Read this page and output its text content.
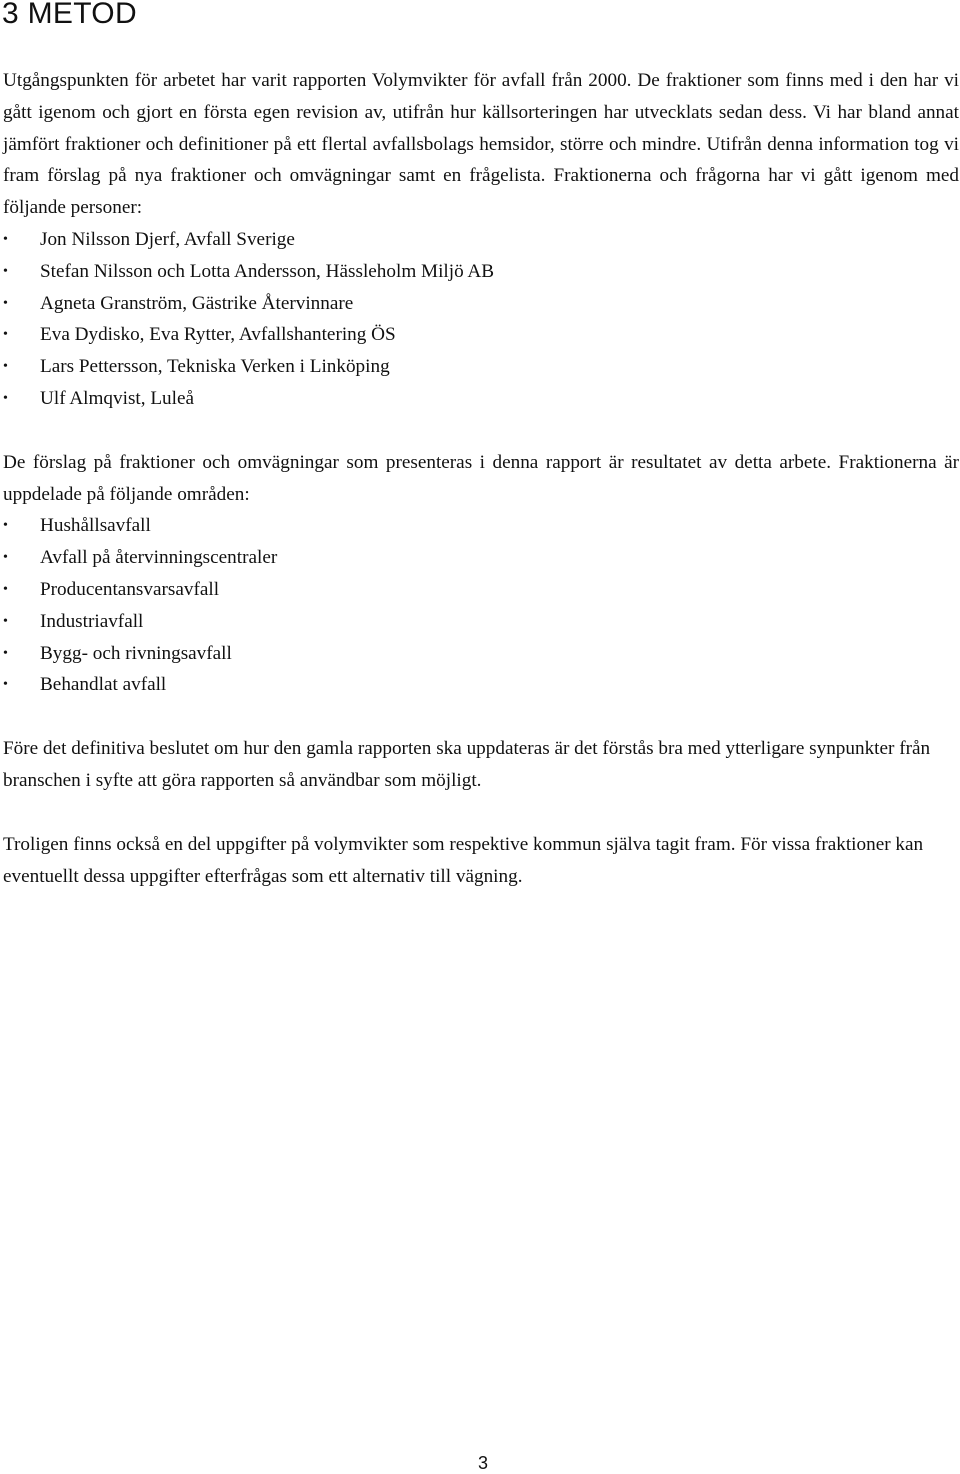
3 METOD

Utgångspunkten för arbetet har varit rapporten Volymvikter för avfall från 2000. De fraktioner som finns med i den har vi gått igenom och gjort en första egen revision av, utifrån hur källsorteringen har utvecklats sedan dess. Vi har bland annat jämfört fraktioner och definitioner på ett flertal avfallsbolags hemsidor, större och mindre. Utifrån denna information tog vi fram förslag på nya fraktioner och omvägningar samt en frågelista. Fraktionerna och frågorna har vi gått igenom med följande personer:

• Jon Nilsson Djerf, Avfall Sverige
• Stefan Nilsson och Lotta Andersson, Hässleholm Miljö AB
• Agneta Granström, Gästrike Återvinnare
• Eva Dydisko, Eva Rytter, Avfallshantering ÖS
• Lars Pettersson, Tekniska Verken i Linköping
• Ulf Almqvist, Luleå

De förslag på fraktioner och omvägningar som presenteras i denna rapport är resultatet av detta arbete. Fraktionerna är uppdelade på följande områden:

• Hushållsavfall
• Avfall på återvinningscentraler
• Producentansvarsavfall
• Industriavfall
• Bygg- och rivningsavfall
• Behandlat avfall

Före det definitiva beslutet om hur den gamla rapporten ska uppdateras är det förstås bra med ytterligare synpunkter från branschen i syfte att göra rapporten så användbar som möjligt.

Troligen finns också en del uppgifter på volymvikter som respektive kommun själva tagit fram. För vissa fraktioner kan eventuellt dessa uppgifter efterfrågas som ett alternativ till vägning.

3
